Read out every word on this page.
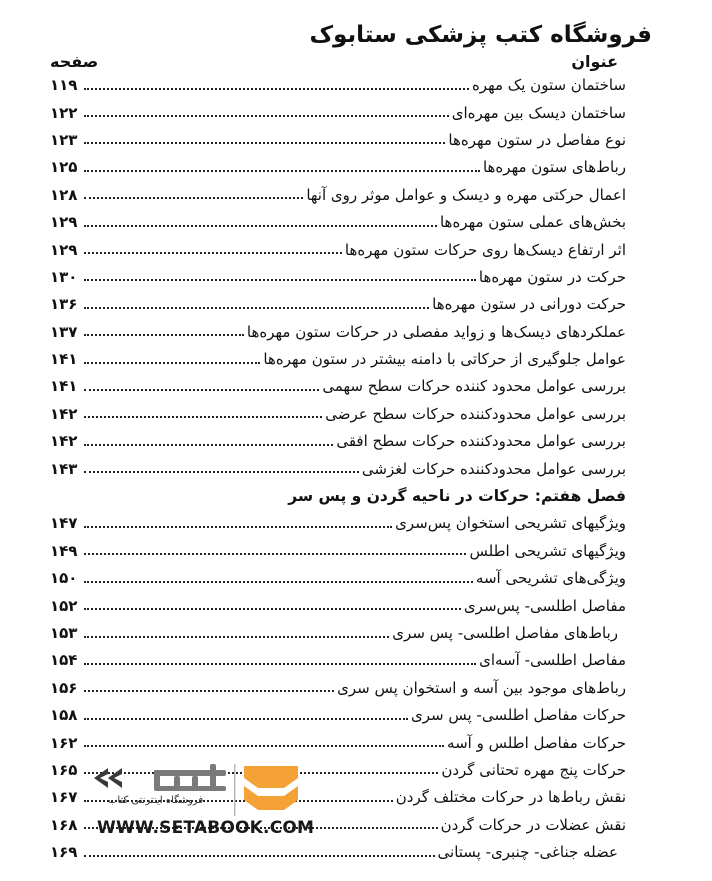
فروشگاه کتب پزشکی ستابوک
عنوان
صفحه
ساختمان ستون یک مهره
۱۱۹
ساختمان دیسک بین مهره‌ای
۱۲۲
نوع مفاصل در ستون مهره‌ها
۱۲۳
رباط‌های ستون مهره‌ها
۱۲۵
اعمال حرکتی مهره و دیسک و عوامل موثر روی آنها
۱۲۸
بخش‌های عملی ستون مهره‌ها
۱۲۹
اثر ارتفاع دیسک‌ها روی حرکات ستون مهره‌ها
۱۲۹
حرکت در ستون مهره‌ها
۱۳۰
حرکت دورانی در ستون مهره‌ها
۱۳۶
عملکردهای دیسک‌ها و زواید مفصلی در حرکات ستون مهره‌ها
۱۳۷
عوامل جلوگیری از حرکاتی با دامنه بیشتر در ستون مهره‌ها
۱۴۱
بررسی عوامل محدود کننده حرکات سطح سهمی
۱۴۱
بررسی عوامل محدودکننده حرکات سطح عرضی
۱۴۲
بررسی عوامل محدودکننده حرکات سطح افقی
۱۴۲
بررسی عوامل محدودکننده حرکات لغزشی
۱۴۳
فصل هفتم: حرکات در ناحیه گردن و پس سر
ویژگیهای تشریحی استخوان پس‌سری
۱۴۷
ویژگیهای تشریحی اطلس
۱۴۹
ویژگی‌های تشریحی آسه
۱۵۰
مفاصل اطلسی- پس‌سری
۱۵۲
رباط‌های مفاصل اطلسی- پس سری
۱۵۳
مفاصل اطلسی- آسه‌ای
۱۵۴
رباط‌های موجود بین آسه و استخوان پس سری
۱۵۶
حرکات مفاصل اطلسی- پس سری
۱۵۸
حرکات مفاصل اطلس و آسه
۱۶۲
حرکات پنج مهره تحتانی گردن
۱۶۵
نقش رباط‌ها در حرکات مختلف گردن
۱۶۷
نقش عضلات در حرکات گردن
۱۶۸
عضله جناغی- چنبری- پستانی
۱۶۹
فروشگاه اینترنتی کتاب
WWW.SETABOOK.COM
